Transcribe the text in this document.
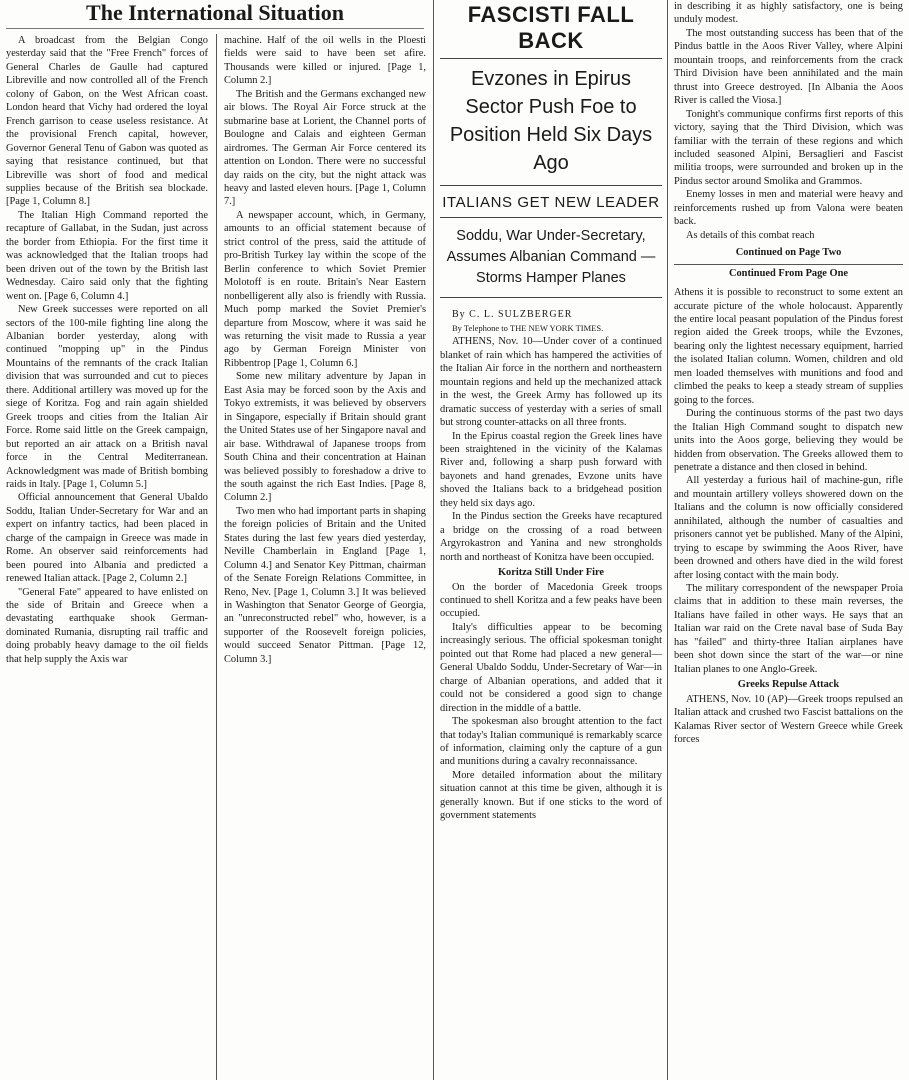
The International Situation

A broadcast from the Belgian Congo yesterday said that the "Free French" forces of General Charles de Gaulle had captured Libreville and now controlled all of the French colony of Gabon, on the West African coast. London heard that Vichy had ordered the loyal French garrison to cease useless resistance. At the provisional French capital, however, Governor General Tenu of Gabon was quoted as saying that resistance continued, but that Libreville was short of food and medical supplies because of the British sea blockade. [Page 1, Column 8.]

The Italian High Command reported the recapture of Gallabat, in the Sudan, just across the border from Ethiopia. For the first time it was acknowledged that the Italian troops had been driven out of the town by the British last Wednesday. Cairo said only that the fighting went on. [Page 6, Column 4.]

New Greek successes were reported on all sectors of the 100-mile fighting line along the Albanian border yesterday, along with continued "mopping up" in the Pindus Mountains of the remnants of the crack Italian division that was surrounded and cut to pieces there. Additional artillery was moved up for the siege of Koritza. Fog and rain again shielded Greek troops and cities from the Italian Air Force. Rome said little on the Greek campaign, but reported an air attack on a British naval force in the Central Mediterranean. Acknowledgment was made of British bombing raids in Italy. [Page 1, Column 5.]

Official announcement that General Ubaldo Soddu, Italian Under-Secretary for War and an expert on infantry tactics, had been placed in charge of the campaign in Greece was made in Rome. An observer said reinforcements had been poured into Albania and predicted a renewed Italian attack. [Page 2, Column 2.]

"General Fate" appeared to have enlisted on the side of Britain and Greece when a devastating earthquake shook German-dominated Rumania, disrupting rail traffic and doing probably heavy damage to the oil fields that help supply the Axis war

machine. Half of the oil wells in the Ploesti fields were said to have been set afire. Thousands were killed or injured. [Page 1, Column 2.]

The British and the Germans exchanged new air blows. The Royal Air Force struck at the submarine base at Lorient, the Channel ports of Boulogne and Calais and eighteen German airdromes. The German Air Force centered its attention on London. There were no successful day raids on the city, but the night attack was heavy and lasted eleven hours. [Page 1, Column 7.]

A newspaper account, which, in Germany, amounts to an official statement because of strict control of the press, said the attitude of pro-British Turkey lay within the scope of the Berlin conference to which Soviet Premier Molotoff is en route. Britain's Near Eastern nonbelligerent ally also is friendly with Russia. Much pomp marked the Soviet Premier's departure from Moscow, where it was said he was returning the visit made to Russia a year ago by German Foreign Minister von Ribbentrop [Page 1, Column 6.]

Some new military adventure by Japan in East Asia may be forced soon by the Axis and Tokyo extremists, it was believed by observers in Singapore, especially if Britain should grant the United States use of her Singapore naval and air base. Withdrawal of Japanese troops from South China and their concentration at Hainan was believed possibly to foreshadow a drive to the south against the rich East Indies. [Page 8, Column 2.]

Two men who had important parts in shaping the foreign policies of Britain and the United States during the last few years died yesterday, Neville Chamberlain in England [Page 1, Column 4.] and Senator Key Pittman, chairman of the Senate Foreign Relations Committee, in Reno, Nev. [Page 1, Column 3.] It was believed in Washington that Senator George of Georgia, an "unreconstructed rebel" who, however, is a supporter of the Roosevelt foreign policies, would succeed Senator Pittman. [Page 12, Column 3.]

FASCISTI FALL BACK
Evzones in Epirus Sector Push Foe to Position Held Six Days Ago
ITALIANS GET NEW LEADER
Soddu, War Under-Secretary, Assumes Albanian Command —Storms Hamper Planes

By C. L. SULZBERGER

By Telephone to THE NEW YORK TIMES.

ATHENS, Nov. 10—Under cover of a continued blanket of rain which has hampered the activities of the Italian Air force in the northern and northeastern mountain regions and held up the mechanized attack in the west, the Greek Army has followed up its dramatic success of yesterday with a series of small but strong counter-attacks on all three fronts.

In the Epirus coastal region the Greek lines have been straightened in the vicinity of the Kalamas River and, following a sharp push forward with bayonets and hand grenades, Evzone units have shoved the Italians back to a bridgehead position they held six days ago.

In the Pindus section the Greeks have recaptured a bridge on the crossing of a road between Argyrokastron and Yanina and new strongholds north and northeast of Konitza have been occupied.

Koritza Still Under Fire

On the border of Macedonia Greek troops continued to shell Koritza and a few peaks have been occupied.

Italy's difficulties appear to be becoming increasingly serious. The official spokesman tonight pointed out that Rome had placed a new general—General Ubaldo Soddu, Under-Secretary of War—in charge of Albanian operations, and added that it could not be considered a good sign to change direction in the middle of a battle.

The spokesman also brought attention to the fact that today's Italian communiqué is remarkably scarce of information, claiming only the capture of a gun and munitions during a cavalry reconnaissance.

More detailed information about the military situation cannot at this time be given, although it is generally known. But if one sticks to the word of government statements

in describing it as highly satisfactory, one is being unduly modest.

The most outstanding success has been that of the Pindus battle in the Aoos River Valley, where Alpini mountain troops, and reinforcements from the crack Third Division have been annihilated and the main thrust into Greece destroyed. [In Albania the Aoos River is called the Viosa.]

Tonight's communique confirms first reports of this victory, saying that the Third Division, which was familiar with the terrain of these regions and which included seasoned Alpini, Bersaglieri and Fascist militia troops, were surrounded and broken up in the Pindus sector around Smolika and Grammos.

Enemy losses in men and material were heavy and reinforcements rushed up from Valona were beaten back.

As details of this combat reach

Continued on Page Two
Continued From Page One

Athens it is possible to reconstruct to some extent an accurate picture of the whole holocaust. Apparently the entire local peasant population of the Pindus forest region aided the Greek troops, while the Evzones, bearing only the lightest necessary equipment, harried the isolated Italian column. Women, children and old men loaded themselves with munitions and food and climbed the peaks to keep a steady stream of supplies going to the forces.

During the continuous storms of the past two days the Italian High Command sought to dispatch new units into the Aoos gorge, believing they would be hidden from observation. The Greeks allowed them to penetrate a distance and then closed in behind.

All yesterday a furious hail of machine-gun, rifle and mountain artillery volleys showered down on the Italians and the column is now officially considered annihilated, although the number of casualties and prisoners cannot yet be published. Many of the Alpini, trying to escape by swimming the Aoos River, have been drowned and others have died in the wild forest after losing contact with the main body.

The military correspondent of the newspaper Proia claims that in addition to these main reverses, the Italians have failed in other ways. He says that an Italian war raid on the Crete naval base of Suda Bay has "failed" and thirty-three Italian airplanes have been shot down since the start of the war—or nine Italian planes to one Anglo-Greek.

Greeks Repulse Attack

ATHENS, Nov. 10 (AP)—Greek troops repulsed an Italian attack and crushed two Fascist battalions on the Kalamas River sector of Western Greece while Greek forces
